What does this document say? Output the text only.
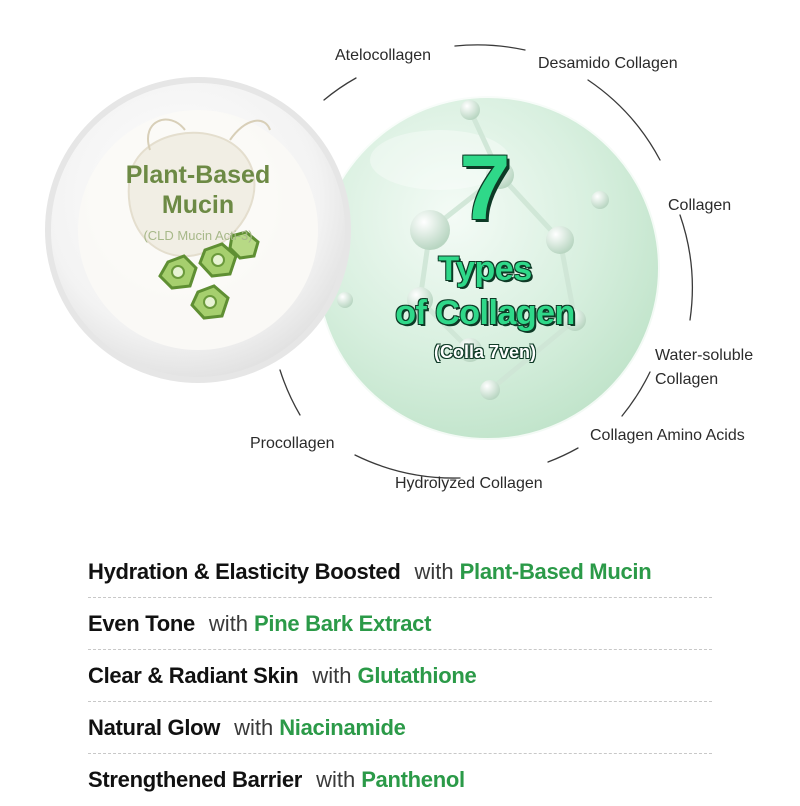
Plant-Based
Mucin
(CLD Mucin Acti-3)	7
Types
of Collagen
(Colla 7ven)
Atelocollagen	Desamido Collagen
Collagen
Water-soluble
Collagen
Collagen Amino Acids
Hydrolyzed Collagen
Procollagen
Hydration & Elasticity Boosted with Plant-Based Mucin
Even Tone with Pine Bark Extract
Clear & Radiant Skin with Glutathione
Natural Glow with Niacinamide
Strengthened Barrier with Panthenol
